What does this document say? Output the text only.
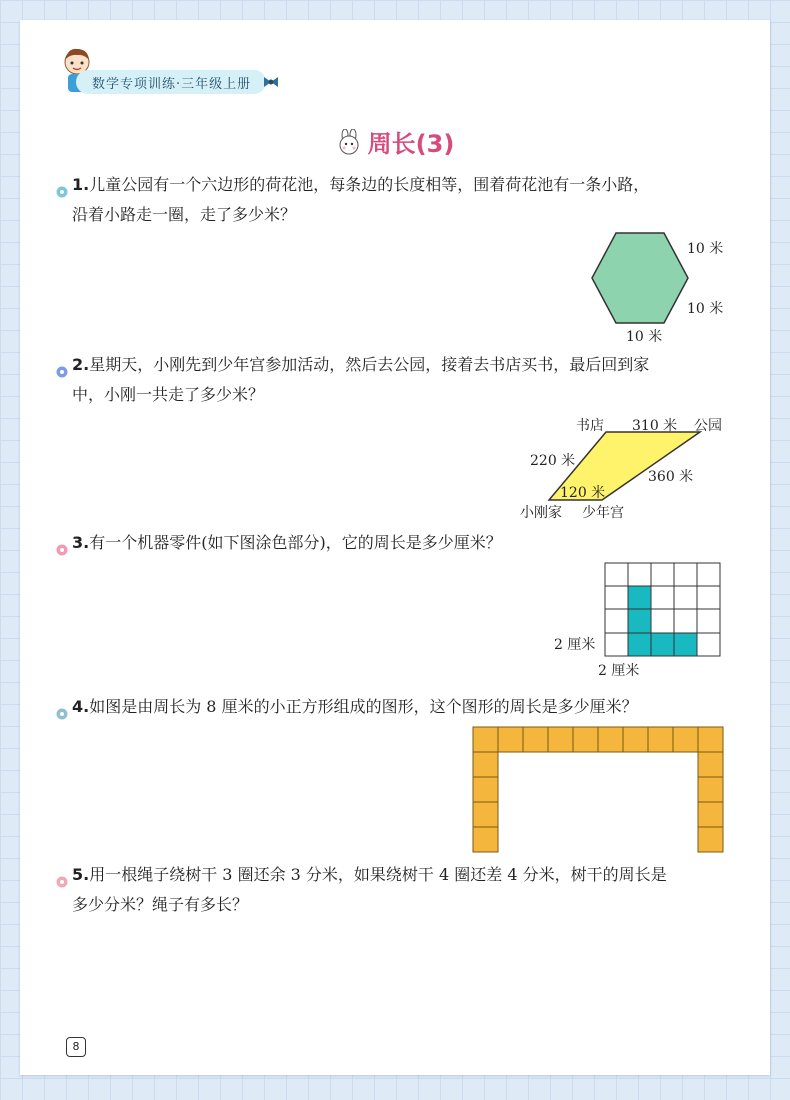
数学专项训练·三年级上册
周长(3)
1.儿童公园有一个六边形的荷花池，每条边的长度相等，围着荷花池有一条小路，
沿着小路走一圈，走了多少米？
10 米
10 米
10 米
2.星期天，小刚先到少年宫参加活动，然后去公园，接着去书店买书，最后回到家
中，小刚一共走了多少米？
书店 310 米 公园
220 米
360 米
120 米
小刚家 少年宫
3.有一个机器零件(如下图涂色部分)，它的周长是多少厘米？
2 厘米
2 厘米
4.如图是由周长为 8 厘米的小正方形组成的图形，这个图形的周长是多少厘米？
5.用一根绳子绕树干 3 圈还余 3 分米，如果绕树干 4 圈还差 4 分米，树干的周长是
多少分米？绳子有多长？
8
